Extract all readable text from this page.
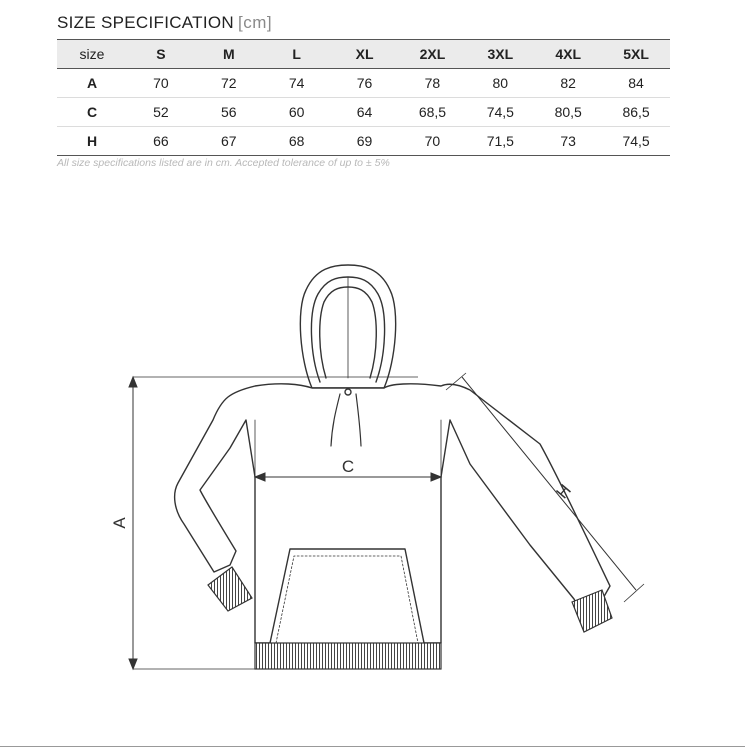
SIZE SPECIFICATION [cm]
size	S	M	L	XL	2XL	3XL	4XL	5XL
A	70	72	74	76	78	80	82	84
C	52	56	60	64	68,5	74,5	80,5	86,5
H	66	67	68	69	70	71,5	73	74,5
All size specifications listed are in cm. Accepted tolerance of up to ± 5%
A
C
H
